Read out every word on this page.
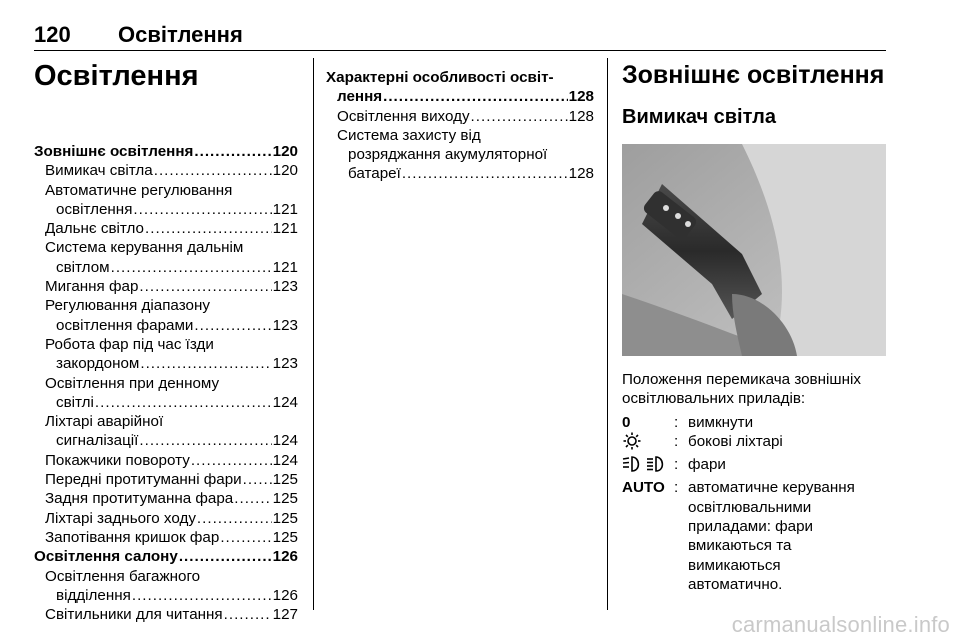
120 Освітлення
Освітлення
Зовнішнє освітлення .....	120
Вимикач світла .....	120
Автоматичне регулювання
освітлення .....	121
Дальнє світло .....	121
Система керування дальнім
світлом .....	121
Мигання фар .....	123
Регулювання діапазону
освітлення фарами .....	123
Робота фар під час їзди
закордоном .....	123
Освітлення при денному
світлі .....	124
Ліхтарі аварійної
сигналізації .....	124
Покажчики повороту .....	124
Передні протитуманні фари ..... 125
Задня протитуманна фара .....	125
Ліхтарі заднього ходу .....	125
Запотівання кришок фар .....	125
Освітлення салону .....	126
Освітлення багажного
відділення .....	126
Світильники для читання .....	127
Характерні особливості освіт-
лення .....	128
Освітлення виходу .....	128
Система захисту від
розряджання акумуляторної
батареї .....	128
Зовнішнє освітлення
Вимикач світла
Положення перемикача зовнішніх освітлювальних приладів:
0	: вимкнути
: бокові ліхтарі
: фари
AUTO : автоматичне керування освітлювальними приладами: фари вмикаються та вимикаються автоматично.
carmanualsonline.info
